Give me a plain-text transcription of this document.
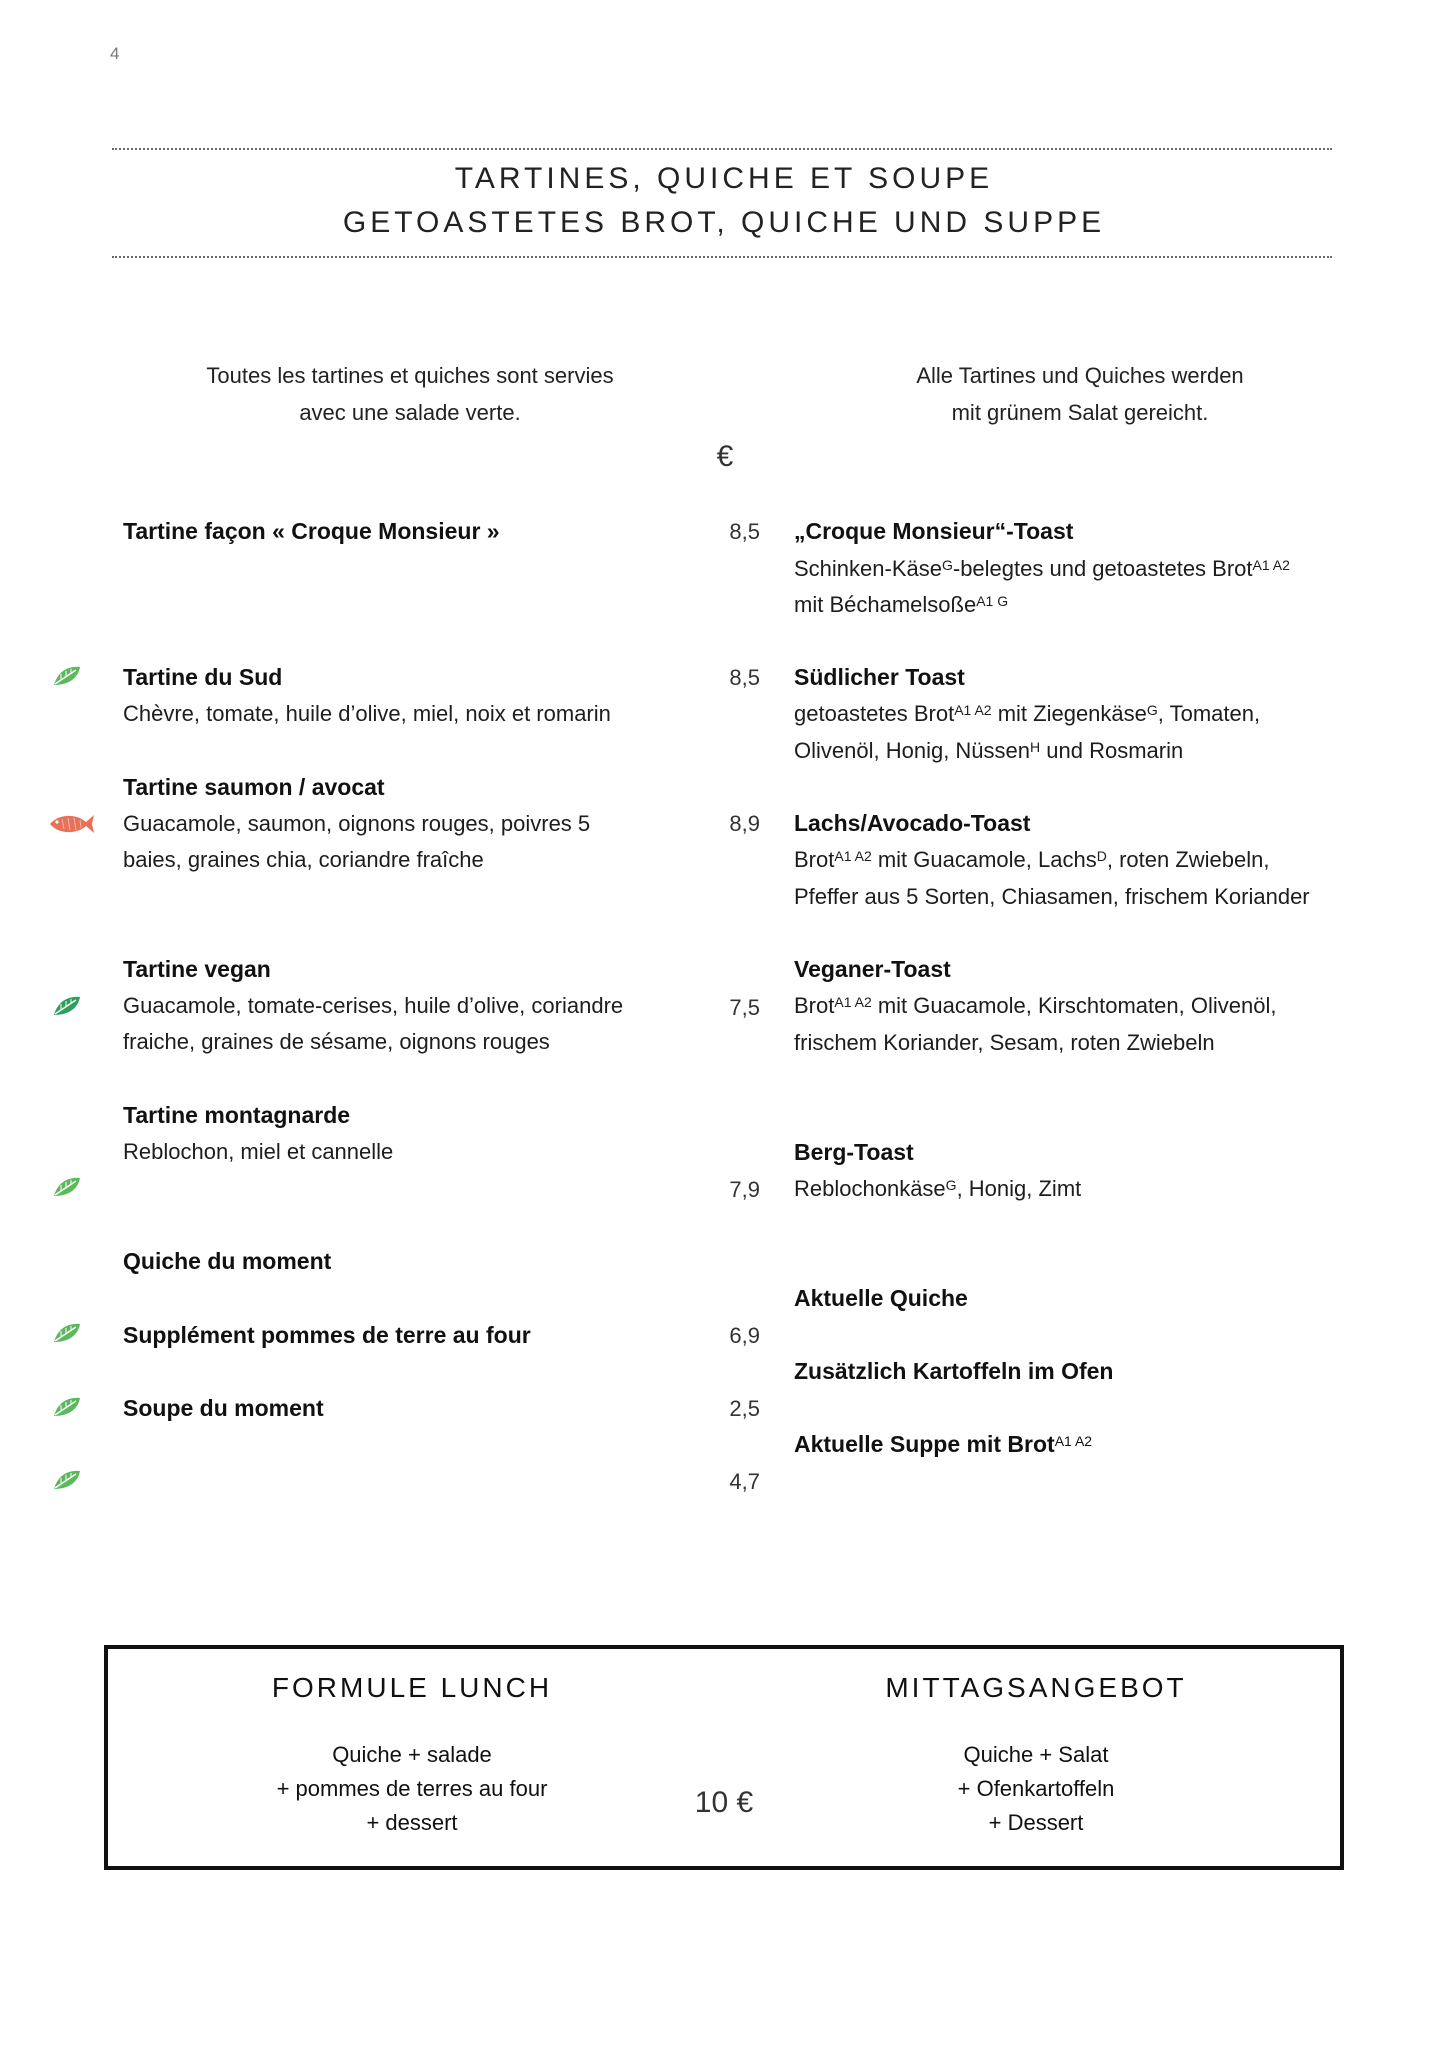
4
TARTINES, QUICHE ET SOUPE
GETOASTETES BROT, QUICHE UND SUPPE
Toutes les tartines et quiches sont servies
avec une salade verte.
Alle Tartines und Quiches werden
mit grünem Salat gereicht.
€
Tartine façon « Croque Monsieur »	8,5
Tartine du Sud
Chèvre, tomate, huile d’olive, miel, noix et romarin
8,5
Tartine saumon / avocat
Guacamole, saumon, oignons rouges, poivres 5 baies, graines chia, coriandre fraîche
8,9
Tartine vegan
Guacamole, tomate-cerises, huile d’olive, coriandre fraiche, graines de sésame, oignons rouges
7,5
Tartine montagnarde
Reblochon, miel et cannelle
7,9
Quiche du moment
6,9
Supplément pommes de terre au four
2,5
Soupe du moment
4,7
„Croque Monsieur“-Toast
Schinken-Käse$^G$-belegtes und getoastetes Brot$^{A1 A2}$
mit Béchamelsoße$^{A1 G}$
Südlicher Toast
getoastetes Brot$^{A1 A2}$ mit Ziegenkäse$^G$, Tomaten,
Olivenöl, Honig, Nüssen$^H$ und Rosmarin
Lachs/Avocado-Toast
Brot$^{A1 A2}$ mit Guacamole, Lachs$^D$, roten Zwiebeln,
Pfeffer aus 5 Sorten, Chiasamen, frischem Koriander
Veganer-Toast
Brot$^{A1 A2}$ mit Guacamole, Kirschtomaten, Olivenöl,
frischem Koriander, Sesam, roten Zwiebeln
Berg-Toast
Reblochonkäse$^G$, Honig, Zimt
Aktuelle Quiche
Zusätzlich Kartoffeln im Ofen
Aktuelle Suppe mit Brot$^{A1 A2}$
FORMULE LUNCH
Quiche + salade
+ pommes de terres au four
+ dessert
10 €
MITTAGSANGEBOT
Quiche + Salat
+ Ofenkartoffeln
+ Dessert
